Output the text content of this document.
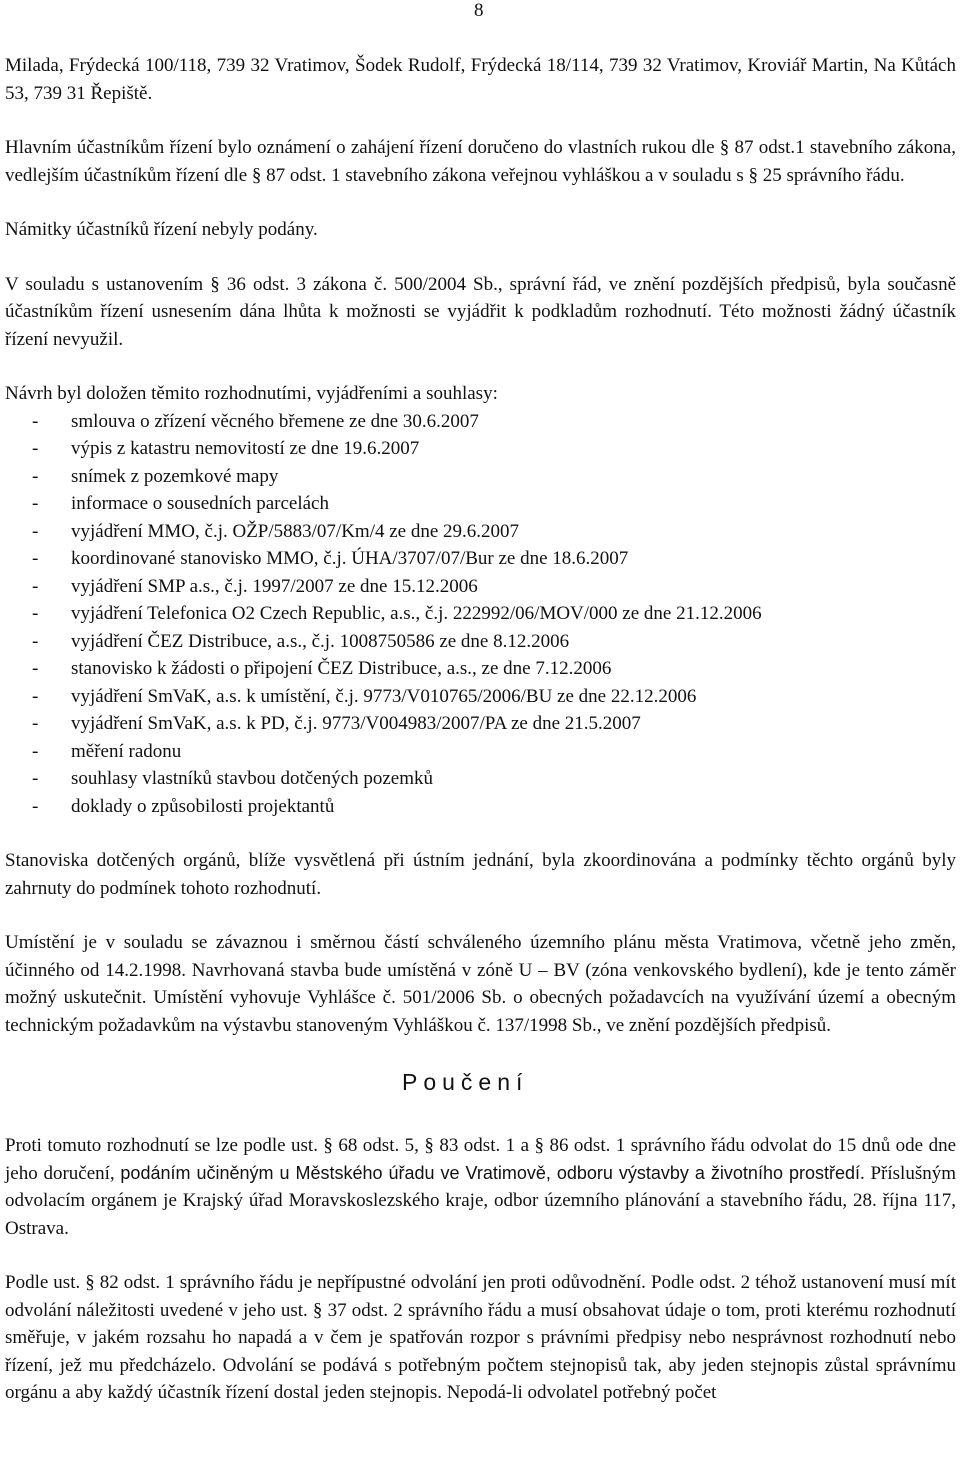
8

Milada, Frýdecká 100/118, 739 32 Vratimov, Šodek Rudolf, Frýdecká 18/114, 739 32 Vratimov, Kroviář Martin, Na Kůtách 53, 739 31 Řepiště.

Hlavním účastníkům řízení bylo oznámení o zahájení řízení doručeno do vlastních rukou dle § 87 odst.1 stavebního zákona, vedlejším účastníkům řízení dle § 87 odst. 1 stavebního zákona veřejnou vyhláškou a v souladu s § 25 správního řádu.

Námitky účastníků řízení nebyly podány.

V souladu s ustanovením § 36 odst. 3 zákona č. 500/2004 Sb., správní řád, ve znění pozdějších předpisů, byla současně účastníkům řízení usnesením dána lhůta k možnosti se vyjádřit k podkladům rozhodnutí. Této možnosti žádný účastník řízení nevyužil.

Návrh byl doložen těmito rozhodnutími, vyjádřeními a souhlasy:

- smlouva o zřízení věcného břemene ze dne 30.6.2007
- výpis z katastru nemovitostí ze dne 19.6.2007
- snímek z pozemkové mapy
- informace o sousedních parcelách
- vyjádření MMO, č.j. OŽP/5883/07/Km/4 ze dne 29.6.2007
- koordinované stanovisko MMO, č.j. ÚHA/3707/07/Bur ze dne 18.6.2007
- vyjádření SMP a.s., č.j. 1997/2007 ze dne 15.12.2006
- vyjádření Telefonica O2 Czech Republic, a.s., č.j. 222992/06/MOV/000 ze dne 21.12.2006
- vyjádření ČEZ Distribuce, a.s., č.j. 1008750586 ze dne 8.12.2006
- stanovisko k žádosti o připojení ČEZ Distribuce, a.s., ze dne 7.12.2006
- vyjádření SmVaK, a.s. k umístění, č.j. 9773/V010765/2006/BU ze dne 22.12.2006
- vyjádření SmVaK, a.s. k PD, č.j. 9773/V004983/2007/PA ze dne 21.5.2007
- měření radonu
- souhlasy vlastníků stavbou dotčených pozemků
- doklady o způsobilosti projektantů

Stanoviska dotčených orgánů, blíže vysvětlená při ústním jednání, byla zkoordinována a podmínky těchto orgánů byly zahrnuty do podmínek tohoto rozhodnutí.

Umístění je v souladu se závaznou i směrnou částí schváleného územního plánu města Vratimova, včetně jeho změn, účinného od 14.2.1998. Navrhovaná stavba bude umístěná v zóně U – BV (zóna venkovského bydlení), kde je tento záměr možný uskutečnit. Umístění vyhovuje Vyhlášce č. 501/2006 Sb. o obecných požadavcích na využívání území a obecným technickým požadavkům na výstavbu stanoveným Vyhláškou č. 137/1998 Sb., ve znění pozdějších předpisů.

Poučení

Proti tomuto rozhodnutí se lze podle ust. § 68 odst. 5, § 83 odst. 1 a § 86 odst. 1 správního řádu odvolat do 15 dnů ode dne jeho doručení, podáním učiněným u Městského úřadu ve Vratimově, odboru výstavby a životního prostředí. Příslušným odvolacím orgánem je Krajský úřad Moravskoslezského kraje, odbor územního plánování a stavebního řádu, 28. října 117, Ostrava.

Podle ust. § 82 odst. 1 správního řádu je nepřípustné odvolání jen proti odůvodnění. Podle odst. 2 téhož ustanovení musí mít odvolání náležitosti uvedené v jeho ust. § 37 odst. 2 správního řádu a musí obsahovat údaje o tom, proti kterému rozhodnutí směřuje, v jakém rozsahu ho napadá a v čem je spatřován rozpor s právními předpisy nebo nesprávnost rozhodnutí nebo řízení, jež mu předcházelo. Odvolání se podává s potřebným počtem stejnopisů tak, aby jeden stejnopis zůstal správnímu orgánu a aby každý účastník řízení dostal jeden stejnopis. Nepodá-li odvolatel potřebný počet
